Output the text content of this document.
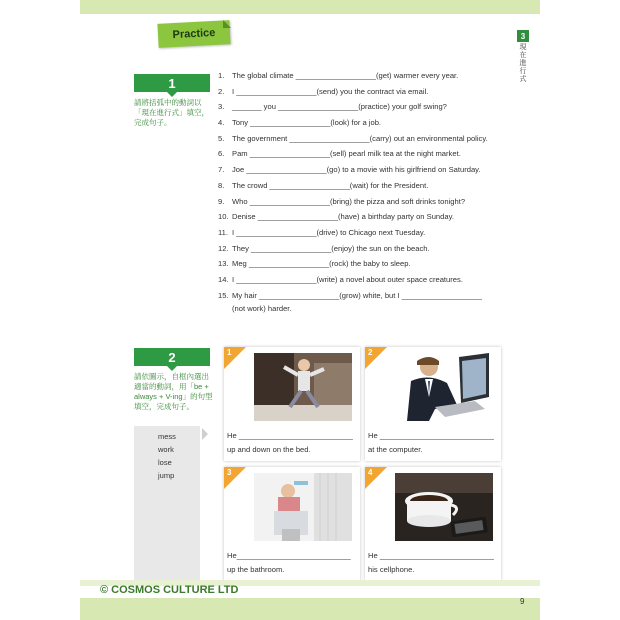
Practice	3
現在進行式
1
請將括弧中的動詞以「現在進行式」填空，完成句子。
1. The global climate ___________________(get) warmer every year.
2. I ___________________(send) you the contract via email.
3. _______ you ___________________(practice) your golf swing?
4. Tony ___________________(look) for a job.
5. The government ___________________(carry) out an environmental policy.
6. Pam ___________________(sell) pearl milk tea at the night market.
7. Joe ___________________(go) to a movie with his girlfriend on Saturday.
8. The crowd ___________________(wait) for the President.
9. Who ___________________(bring) the pizza and soft drinks tonight?
10. Denise ___________________(have) a birthday party on Sunday.
11. I ___________________(drive) to Chicago next Tuesday.
12. They ___________________(enjoy) the sun on the beach.
13. Meg ___________________(rock) the baby to sleep.
14. I ___________________(write) a novel about outer space creatures.
15. My hair ___________________(grow) white, but I ___________________
(not work) harder.
2
請依圖示，自框內選出適當的動詞，用「be + always + V-ing」的句型填空，完成句子。
mess
work
lose
jump
1
He ___________________________
up and down on the bed.
2
He ___________________________
at the computer.
3
He___________________________
up the bathroom.
4
He ___________________________
his cellphone.
© COSMOS CULTURE LTD
9
